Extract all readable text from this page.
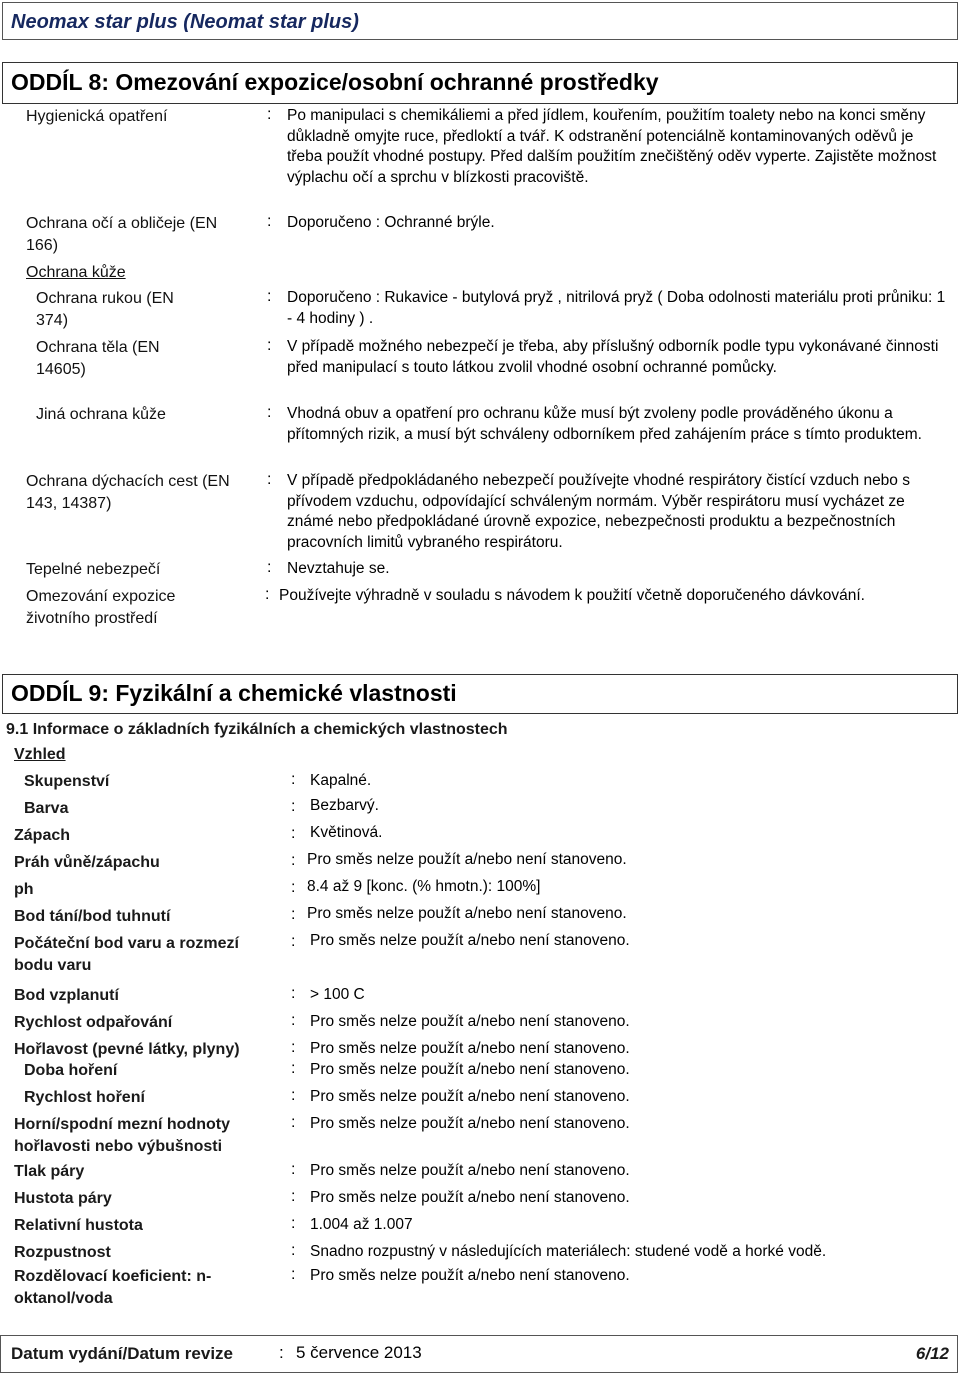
Neomax star plus (Neomat star plus)
ODDÍL 8: Omezování expozice/osobní ochranné prostředky
Hygienická opatření	: Po manipulaci s chemikáliemi a před jídlem, kouřením, použitím toalety nebo na konci směny důkladně omyjte ruce, předloktí a tvář. K odstranění potenciálně kontaminovaných oděvů je třeba použít vhodné postupy. Před dalším použitím znečištěný oděv vyperte. Zajistěte možnost výplachu očí a sprchu v blízkosti pracoviště.
Ochrana očí a obličeje (EN 166)
: Doporučeno : Ochranné brýle.
Ochrana kůže
Ochrana rukou (EN 374)
: Doporučeno : Rukavice - butylová pryž , nitrilová pryž ( Doba odolnosti materiálu proti průniku: 1 - 4 hodiny ) .
Ochrana těla (EN 14605)
: V případě možného nebezpečí je třeba, aby příslušný odborník podle typu vykonávané činnosti před manipulací s touto látkou zvolil vhodné osobní ochranné pomůcky.
Jiná ochrana kůže	: Vhodná obuv a opatření pro ochranu kůže musí být zvoleny podle prováděného úkonu a přítomných rizik, a musí být schváleny odborníkem před zahájením práce s tímto produktem.
Ochrana dýchacích cest (EN 143, 14387)
: V případě předpokládaného nebezpečí používejte vhodné respirátory čistící vzduch nebo s přívodem vzduchu, odpovídající schváleným normám. Výběr respirátoru musí vycházet ze známé nebo předpokládané úrovně expozice, nebezpečnosti produktu a bezpečnostních pracovních limitů vybraného respirátoru.
Tepelné nebezpečí	: Nevztahuje se.
Omezování expozice životního prostředí
: Používejte výhradně v souladu s návodem k použití včetně doporučeného dávkování.
ODDÍL 9: Fyzikální a chemické vlastnosti
9.1 Informace o základních fyzikálních a chemických vlastnostech
Vzhled
Skupenství	: Kapalné.
Barva	: Bezbarvý.
Zápach	: Květinová.
Práh vůně/zápachu	: Pro směs nelze použít a/nebo není stanoveno.
ph	: 8.4 až 9 [konc. (% hmotn.): 100%]
Bod tání/bod tuhnutí	: Pro směs nelze použít a/nebo není stanoveno.
Počáteční bod varu a rozmezí bodu varu
: Pro směs nelze použít a/nebo není stanoveno.
Bod vzplanutí	: > 100 C
Rychlost odpařování	: Pro směs nelze použít a/nebo není stanoveno.
Hořlavost (pevné látky, plyny)	: Pro směs nelze použít a/nebo není stanoveno.
Doba hoření	: Pro směs nelze použít a/nebo není stanoveno.
Rychlost hoření	: Pro směs nelze použít a/nebo není stanoveno.
Horní/spodní mezní hodnoty hořlavosti nebo výbušnosti
: Pro směs nelze použít a/nebo není stanoveno.
Tlak páry	: Pro směs nelze použít a/nebo není stanoveno.
Hustota páry	: Pro směs nelze použít a/nebo není stanoveno.
Relativní hustota	: 1.004 až 1.007
Rozpustnost	: Snadno rozpustný v následujících materiálech: studené vodě a horké vodě.
Rozdělovací koeficient: n-oktanol/voda
: Pro směs nelze použít a/nebo není stanoveno.
Datum vydání/Datum revize	: 5 července 2013	6/12
